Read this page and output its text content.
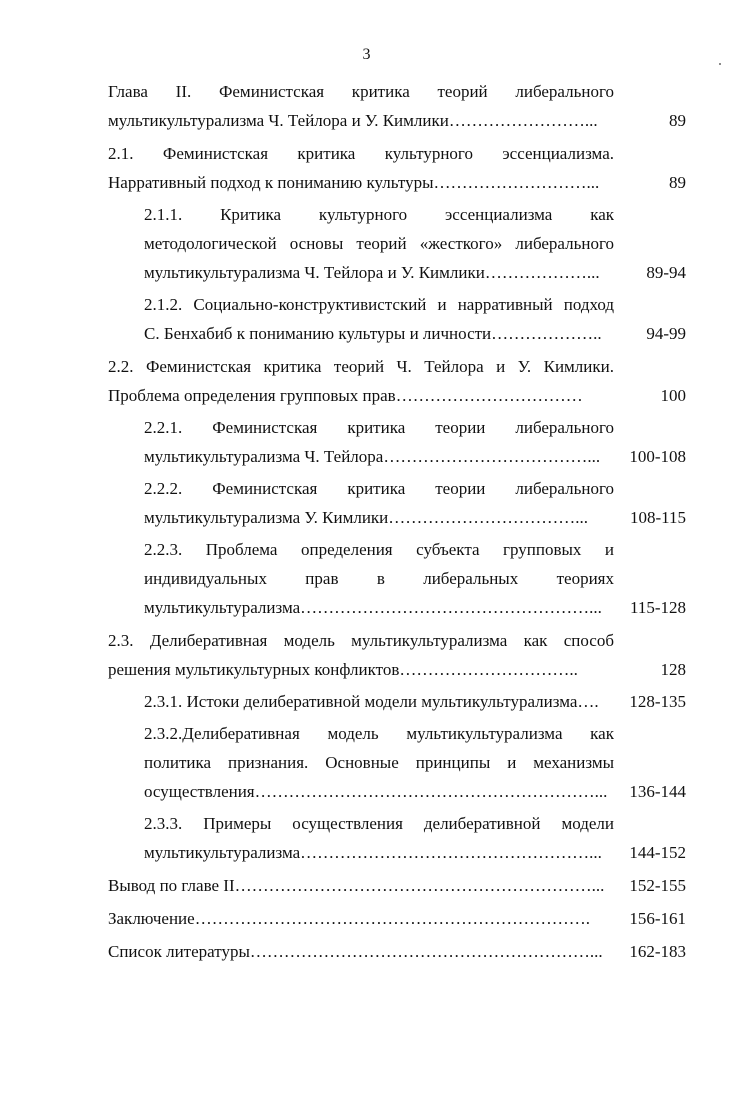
3
Глава II. Феминистская критика теорий либерального
мультикультурализма Ч. Тейлора и У. Кимлики……………………...	89
2.1. Феминистская критика культурного эссенциализма.
Нарративный подход к пониманию культуры………………………...	89
2.1.1. Критика культурного эссенциализма как
методологической основы теорий «жесткого» либерального
мультикультурализма Ч. Тейлора и У. Кимлики………………...	89-94
2.1.2. Социально-конструктивистский и нарративный подход
С. Бенхабиб к пониманию культуры и личности………………..	94-99
2.2. Феминистская критика теорий Ч. Тейлора и У. Кимлики.
Проблема определения групповых прав……………………………	100
2.2.1. Феминистская критика теории либерального
мультикультурализма Ч. Тейлора………………………………...	100-108
2.2.2. Феминистская критика теории либерального
мультикультурализма У. Кимлики……………………………...	108-115
2.2.3. Проблема определения субъекта групповых и
индивидуальных прав в либеральных теориях
мультикультурализма……………………………………………...	115-128
2.3. Делиберативная модель мультикультурализма как способ
решения мультикультурных конфликтов…………………………..	128
2.3.1. Истоки делиберативной модели мультикультурализма….	128-135
2.3.2.Делиберативная модель мультикультурализма как
политика признания. Основные принципы и механизмы
осуществления……………………………………………………...	136-144
2.3.3. Примеры осуществления делиберативной модели
мультикультурализма……………………………………………...	144-152
Вывод по главе II………………………………………………………...	152-155
Заключение…………………………………………………………….	156-161
Список литературы……………………………………………………...	162-183
